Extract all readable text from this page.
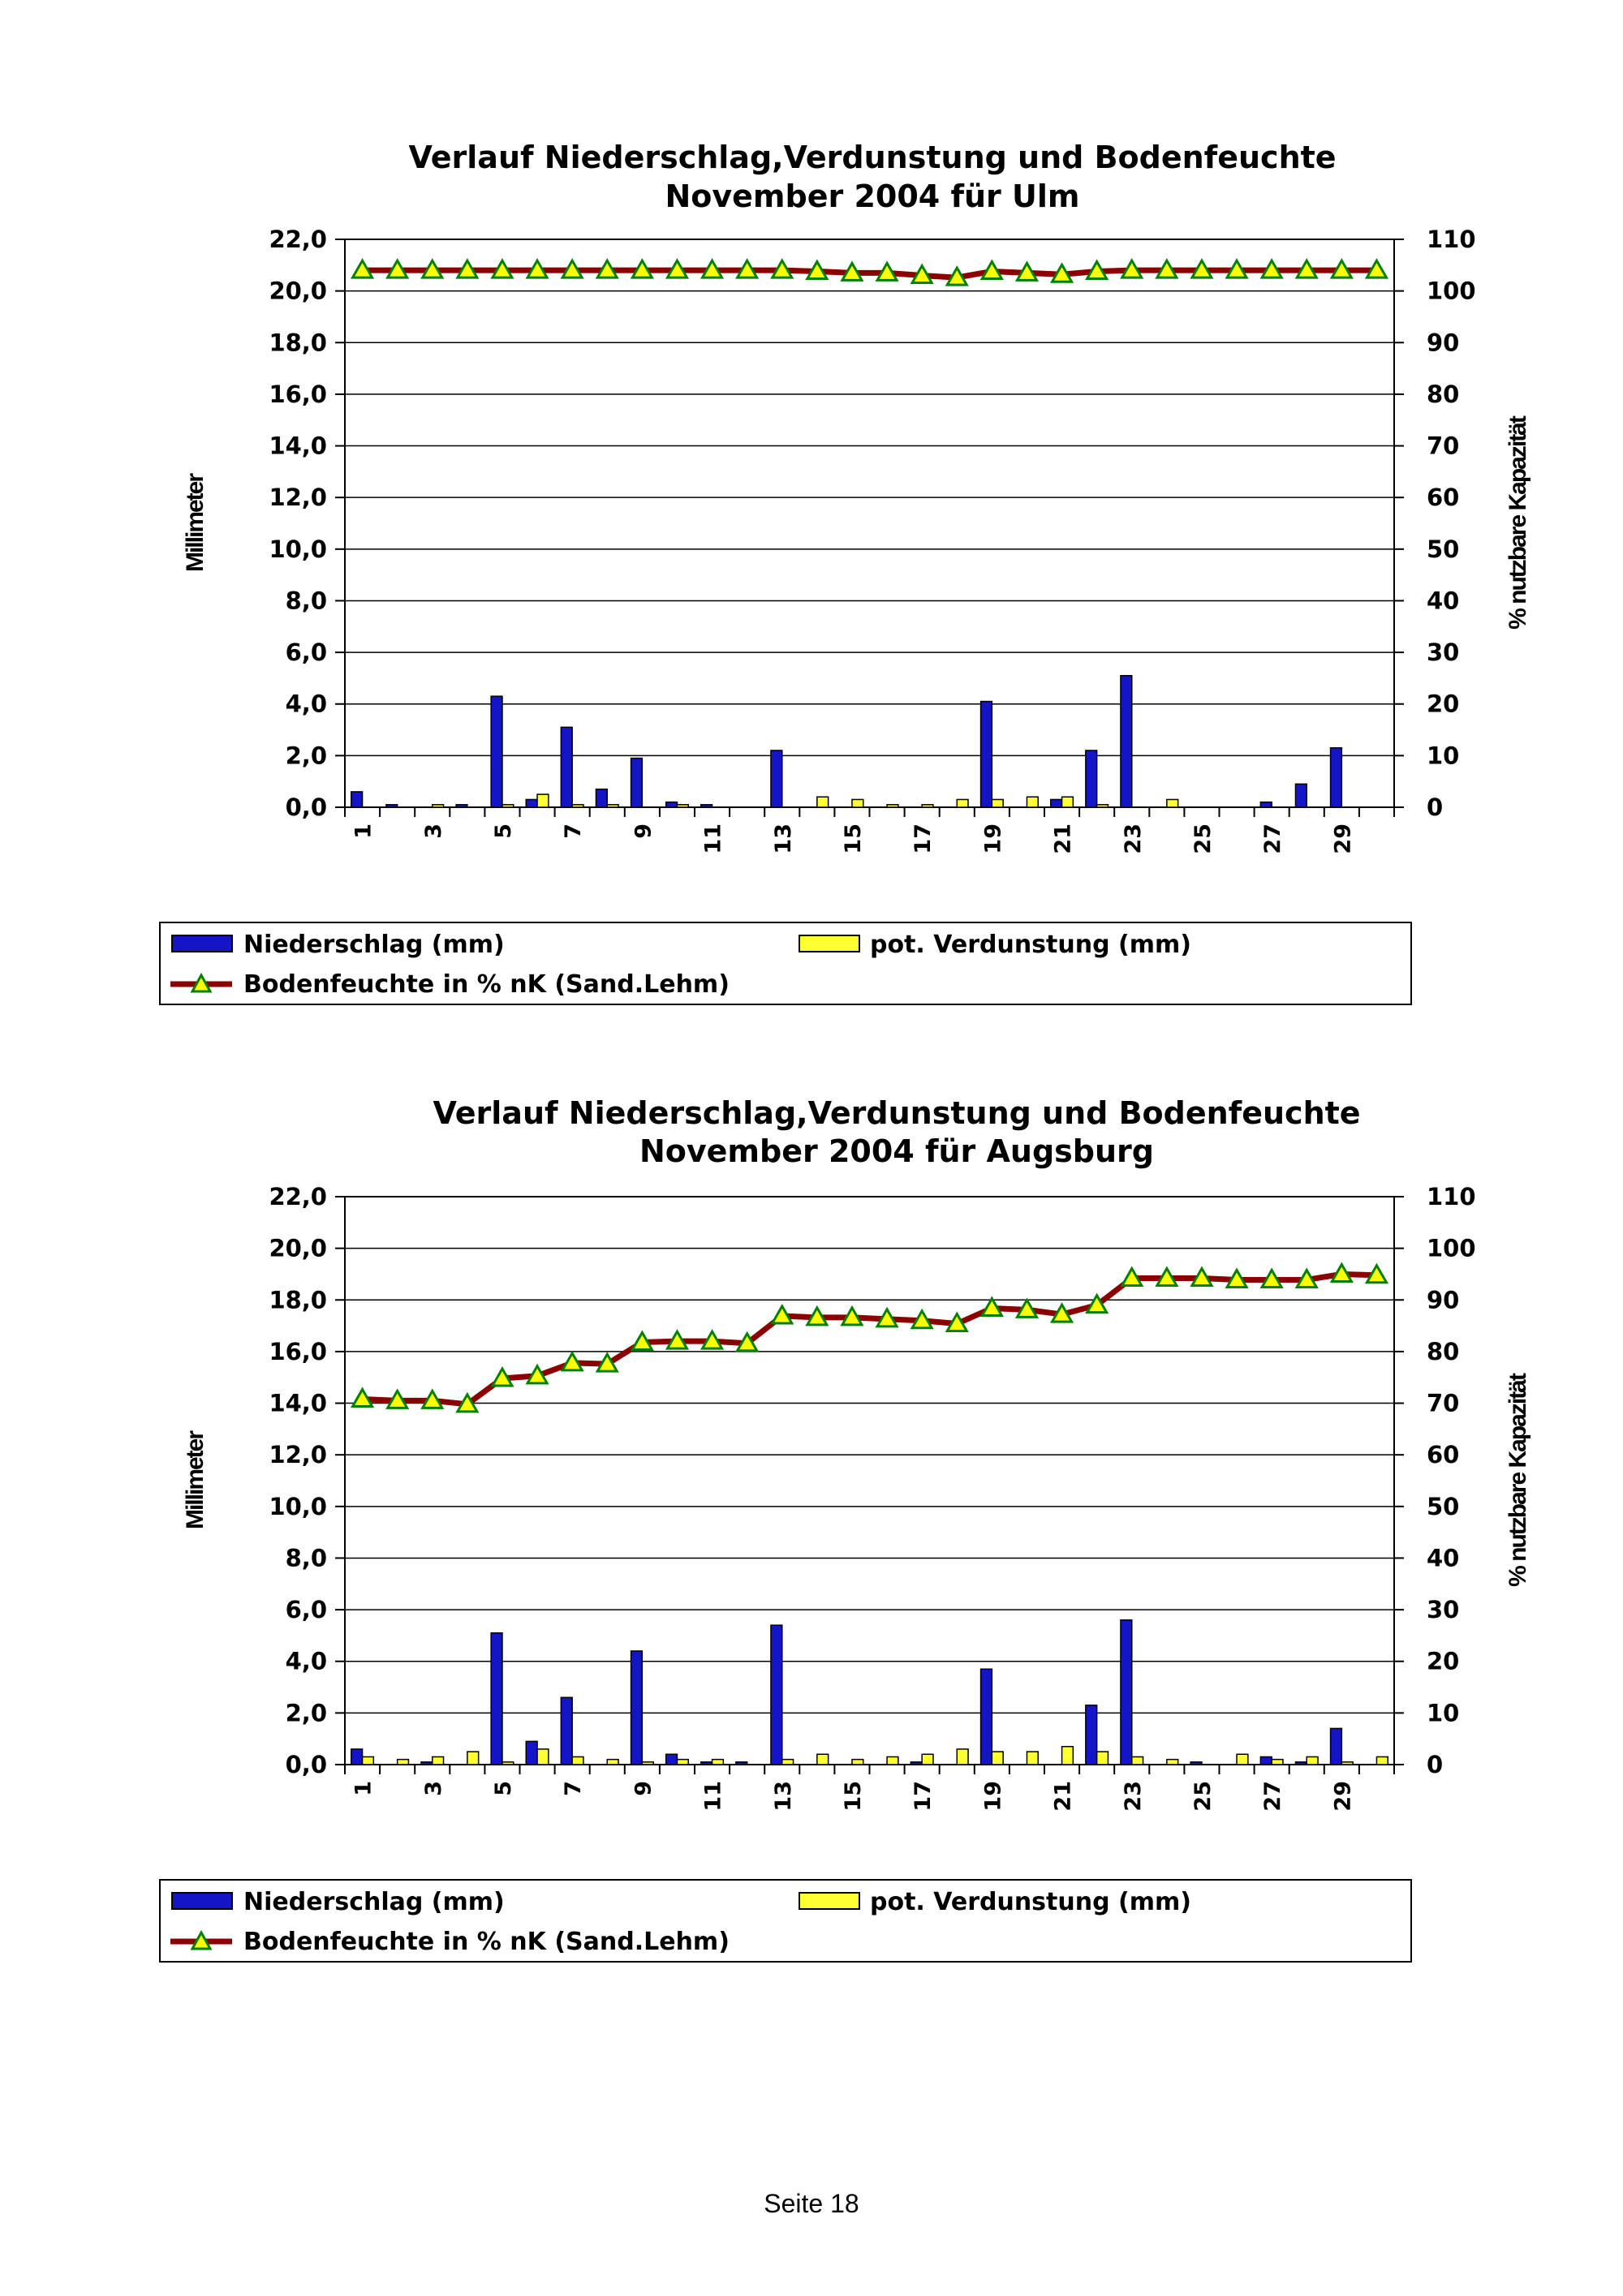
Verlauf Niederschlag,Verdunstung und Bodenfeuchte
November 2004 für Ulm
0,0
2,0
4,0
6,0
8,0
10,0
12,0
14,0
16,0
18,0
20,0
22,0
0
10
20
30
40
50
60
70
80
90
100
110
1 3 5 7 9 11 13 15 17 19 21 23 25 27 29
Millimeter	% nutzbare Kapazität
Niederschlag (mm)	pot. Verdunstung (mm)
Bodenfeuchte in % nK (Sand.Lehm)
Verlauf Niederschlag,Verdunstung und Bodenfeuchte
November 2004 für Augsburg
0,0
2,0
4,0
6,0
8,0
10,0
12,0
14,0
16,0
18,0
20,0
22,0
0
10
20
30
40
50
60
70
80
90
100
110
1 3 5 7 9 11 13 15 17 19 21 23 25 27 29
Millimeter	% nutzbare Kapazität
Niederschlag (mm)	pot. Verdunstung (mm)
Bodenfeuchte in % nK (Sand.Lehm)
Seite 18
